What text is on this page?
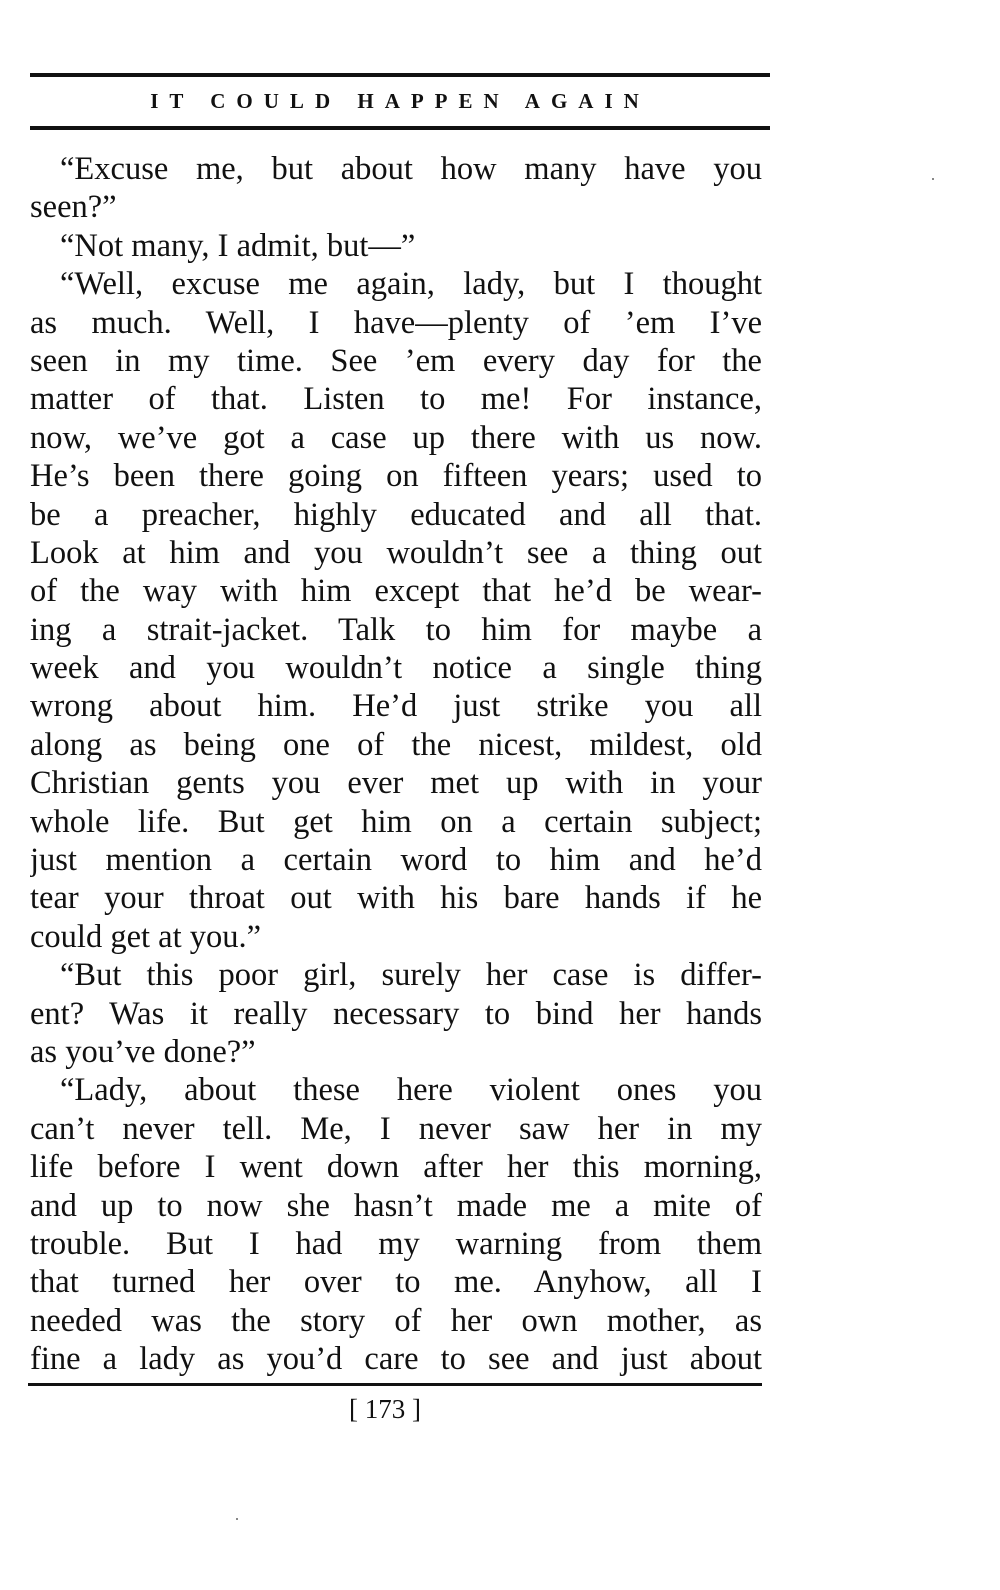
IT COULD HAPPEN AGAIN
“Excuse me, but about how many have you
seen?”
“Not many, I admit, but—”
“Well, excuse me again, lady, but I thought
as much. Well, I have—plenty of ’em I’ve
seen in my time. See ’em every day for the
matter of that. Listen to me! For instance,
now, we’ve got a case up there with us now.
He’s been there going on fifteen years; used to
be a preacher, highly educated and all that.
Look at him and you wouldn’t see a thing out
of the way with him except that he’d be wear-
ing a strait-jacket. Talk to him for maybe a
week and you wouldn’t notice a single thing
wrong about him. He’d just strike you all
along as being one of the nicest, mildest, old
Christian gents you ever met up with in your
whole life. But get him on a certain subject;
just mention a certain word to him and he’d
tear your throat out with his bare hands if he
could get at you.”
“But this poor girl, surely her case is differ-
ent? Was it really necessary to bind her hands
as you’ve done?”
“Lady, about these here violent ones you
can’t never tell. Me, I never saw her in my
life before I went down after her this morning,
and up to now she hasn’t made me a mite of
trouble. But I had my warning from them
that turned her over to me. Anyhow, all I
needed was the story of her own mother, as
fine a lady as you’d care to see and just about
[ 173 ]
